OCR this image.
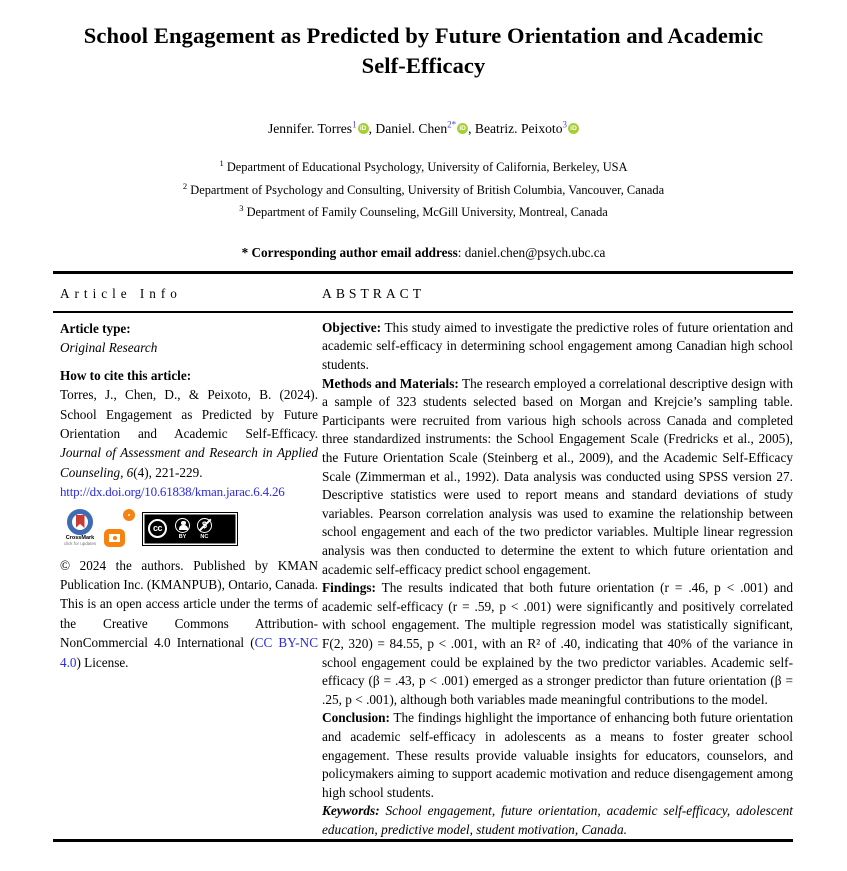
School Engagement as Predicted by Future Orientation and Academic Self-Efficacy
Jennifer. Torres$^1$ iD , Daniel. Chen$^{2*}$ iD , Beatriz. Peixoto$^3$ iD
$^1$ Department of Educational Psychology, University of California, Berkeley, USA
$^2$ Department of Psychology and Consulting, University of British Columbia, Vancouver, Canada
$^3$ Department of Family Counseling, McGill University, Montreal, Canada
* Corresponding author email address: daniel.chen@psych.ubc.ca
Article Info	ABSTRACT

Article type:

Original Research

How to cite this article:

Torres, J., Chen, D., & Peixoto, B. (2024). School Engagement as Predicted by Future Orientation and Academic Self-Efficacy. Journal of Assessment and Research in Applied Counseling, 6(4), 221-229.

http://dx.doi.org/10.61838/kman.jarac.6.4.26
CrossMark
click for updates
cc
BY	NC

© 2024 the authors. Published by KMAN Publication Inc. (KMANPUB), Ontario, Canada. This is an open access article under the terms of the Creative Commons Attribution-NonCommercial 4.0 International (CC BY-NC 4.0) License.

Objective: This study aimed to investigate the predictive roles of future orientation and academic self-efficacy in determining school engagement among Canadian high school students.

Methods and Materials: The research employed a correlational descriptive design with a sample of 323 students selected based on Morgan and Krejcie’s sampling table. Participants were recruited from various high schools across Canada and completed three standardized instruments: the School Engagement Scale (Fredricks et al., 2005), the Future Orientation Scale (Steinberg et al., 2009), and the Academic Self-Efficacy Scale (Zimmerman et al., 1992). Data analysis was conducted using SPSS version 27. Descriptive statistics were used to report means and standard deviations of study variables. Pearson correlation analysis was used to examine the relationship between school engagement and each of the two predictor variables. Multiple linear regression analysis was then conducted to determine the extent to which future orientation and academic self-efficacy predict school engagement.

Findings: The results indicated that both future orientation (r = .46, p < .001) and academic self-efficacy (r = .59, p < .001) were significantly and positively correlated with school engagement. The multiple regression model was statistically significant, F(2, 320) = 84.55, p < .001, with an R² of .40, indicating that 40% of the variance in school engagement could be explained by the two predictor variables. Academic self-efficacy (β = .43, p < .001) emerged as a stronger predictor than future orientation (β = .25, p < .001), although both variables made meaningful contributions to the model.

Conclusion: The findings highlight the importance of enhancing both future orientation and academic self-efficacy in adolescents as a means to foster greater school engagement. These results provide valuable insights for educators, counselors, and policymakers aiming to support academic motivation and reduce disengagement among high school students.

Keywords: School engagement, future orientation, academic self-efficacy, adolescent education, predictive model, student motivation, Canada.
